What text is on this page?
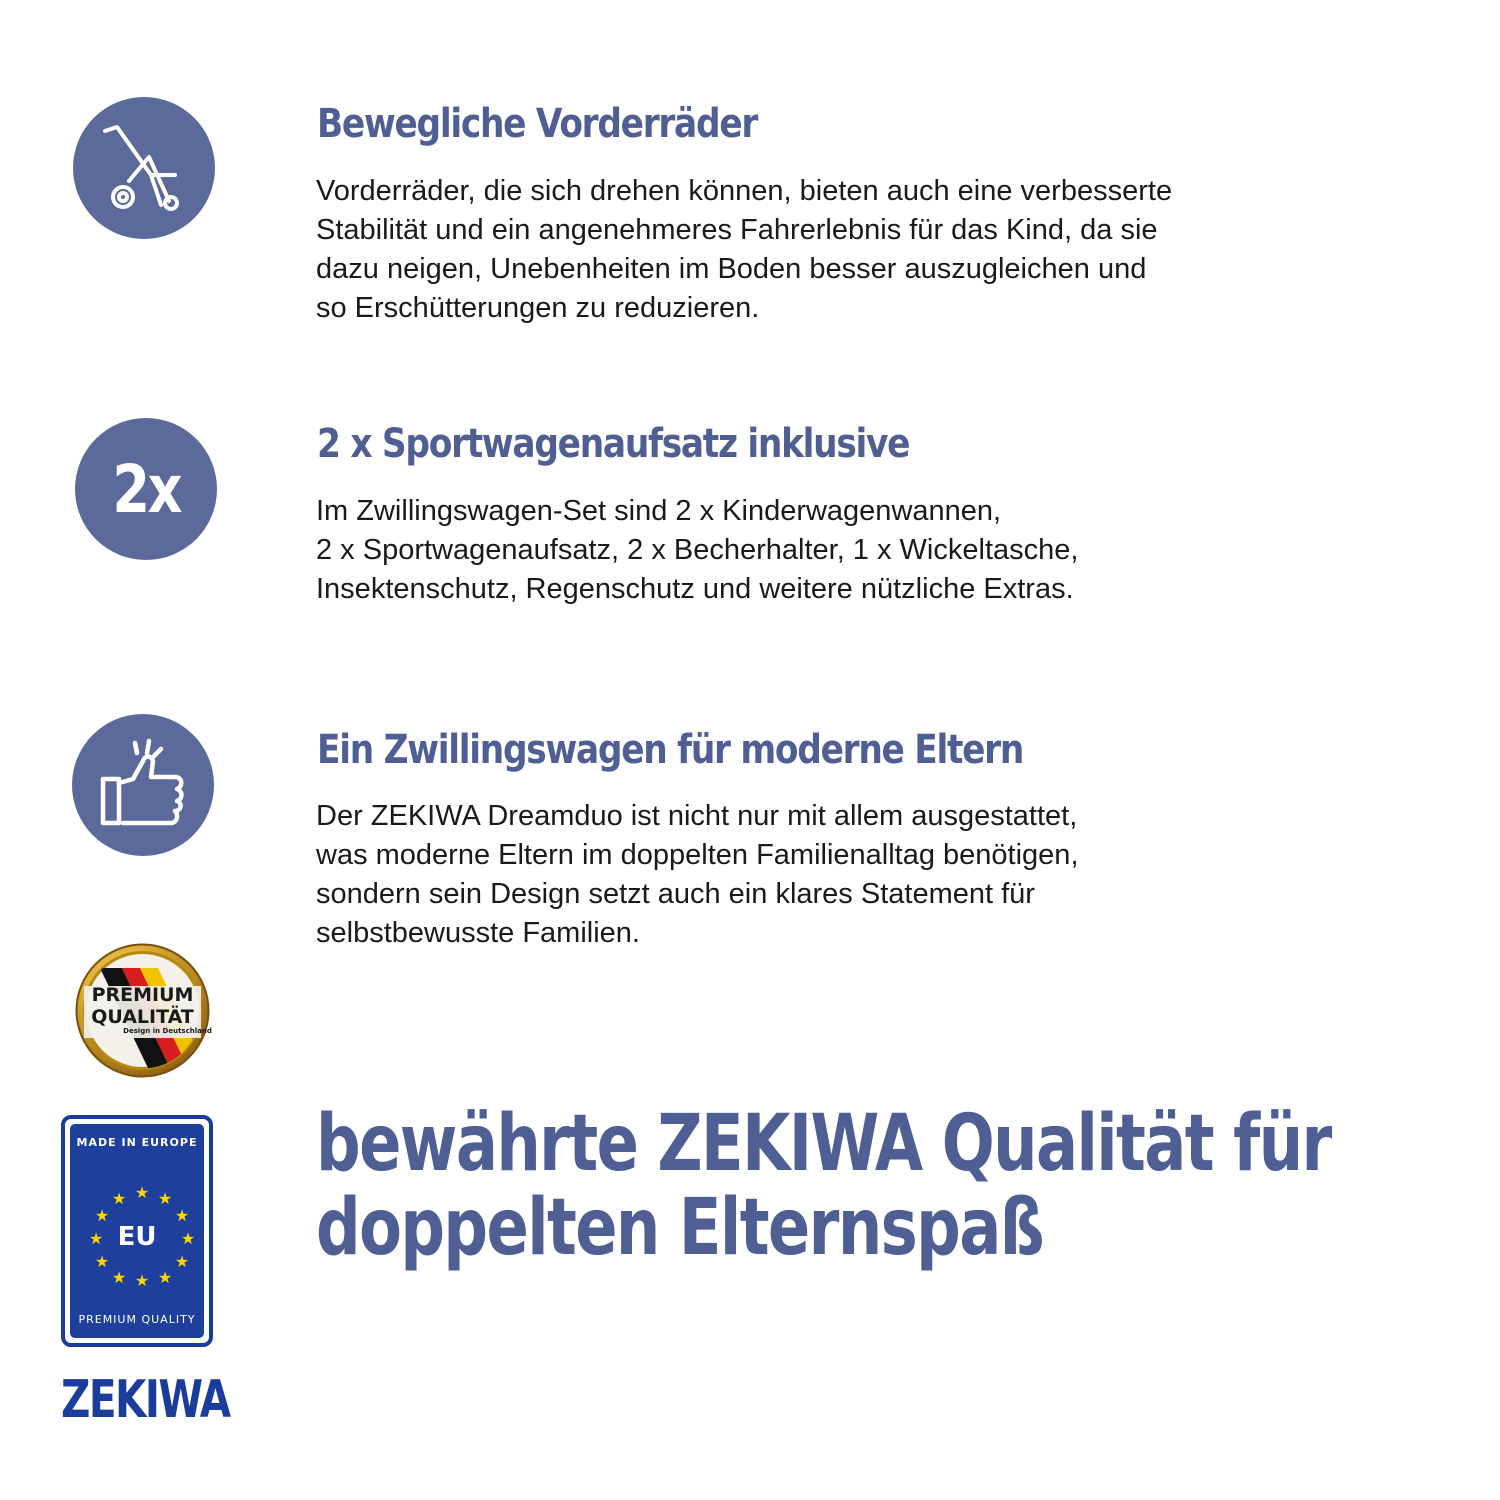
Bewegliche Vorderräder
Vorderräder, die sich drehen können, bieten auch eine verbesserte
Stabilität und ein angenehmeres Fahrerlebnis für das Kind, da sie
dazu neigen, Unebenheiten im Boden besser auszugleichen und
so Erschütterungen zu reduzieren.
2x
2 x Sportwagenaufsatz inklusive
Im Zwillingswagen-Set sind 2 x Kinderwagenwannen,
2 x Sportwagenaufsatz, 2 x Becherhalter, 1 x Wickeltasche,
Insektenschutz, Regenschutz und weitere nützliche Extras.
Ein Zwillingswagen für moderne Eltern
Der ZEKIWA Dreamduo ist nicht nur mit allem ausgestattet,
was moderne Eltern im doppelten Familienalltag benötigen,
sondern sein Design setzt auch ein klares Statement für
selbstbewusste Familien.
PREMIUM
QUALITÄT
Design in Deutschland
MADE IN EUROPE
★ ★
★
★
★
★
★
★
★
★
★
★
EU
PREMIUM QUALITY
ZEKIWA
bewährte ZEKIWA Qualität für
doppelten Elternspaß
